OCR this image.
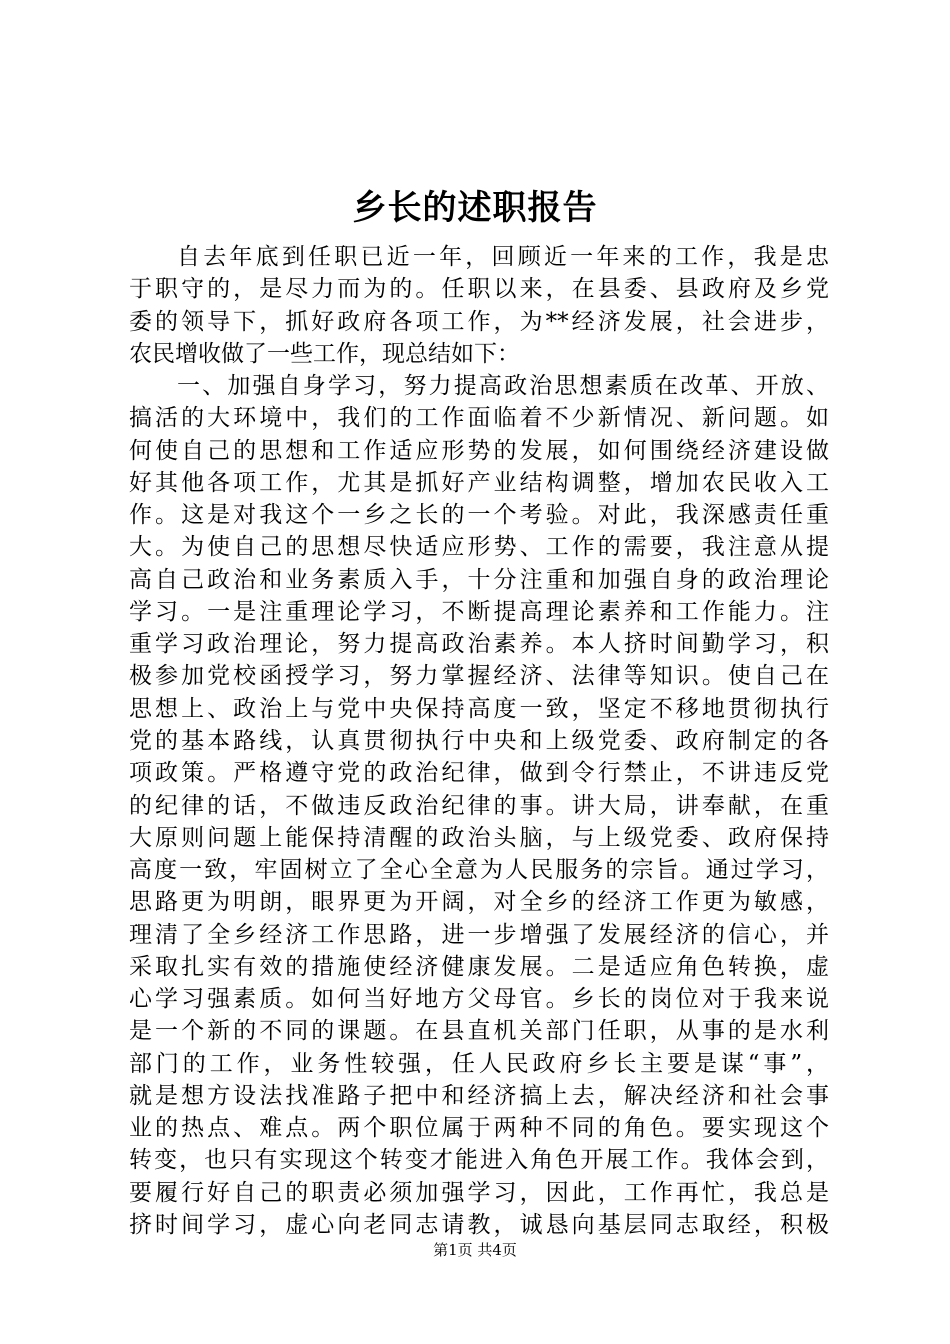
乡长的述职报告
自去年底到任职已近一年，回顾近一年来的工作，我是忠
于职守的，是尽力而为的。任职以来，在县委、县政府及乡党
委的领导下，抓好政府各项工作，为**经济发展，社会进步，
农民增收做了一些工作，现总结如下：
一、加强自身学习，努力提高政治思想素质在改革、开放、
搞活的大环境中，我们的工作面临着不少新情况、新问题。如
何使自己的思想和工作适应形势的发展，如何围绕经济建设做
好其他各项工作，尤其是抓好产业结构调整，增加农民收入工
作。这是对我这个一乡之长的一个考验。对此，我深感责任重
大。为使自己的思想尽快适应形势、工作的需要，我注意从提
高自己政治和业务素质入手，十分注重和加强自身的政治理论
学习。一是注重理论学习，不断提高理论素养和工作能力。注
重学习政治理论，努力提高政治素养。本人挤时间勤学习，积
极参加党校函授学习，努力掌握经济、法律等知识。使自己在
思想上、政治上与党中央保持高度一致，坚定不移地贯彻执行
党的基本路线，认真贯彻执行中央和上级党委、政府制定的各
项政策。严格遵守党的政治纪律，做到令行禁止，不讲违反党
的纪律的话，不做违反政治纪律的事。讲大局，讲奉献，在重
大原则问题上能保持清醒的政治头脑，与上级党委、政府保持
高度一致，牢固树立了全心全意为人民服务的宗旨。通过学习，
思路更为明朗，眼界更为开阔，对全乡的经济工作更为敏感，
理清了全乡经济工作思路，进一步增强了发展经济的信心，并
采取扎实有效的措施使经济健康发展。二是适应角色转换，虚
心学习强素质。如何当好地方父母官。乡长的岗位对于我来说
是一个新的不同的课题。在县直机关部门任职，从事的是水利
部门的工作，业务性较强，任人民政府乡长主要是谋“事”，
就是想方设法找准路子把中和经济搞上去，解决经济和社会事
业的热点、难点。两个职位属于两种不同的角色。要实现这个
转变，也只有实现这个转变才能进入角色开展工作。我体会到，
要履行好自己的职责必须加强学习，因此，工作再忙，我总是
挤时间学习，虚心向老同志请教，诚恳向基层同志取经，积极
第1页 共4页
